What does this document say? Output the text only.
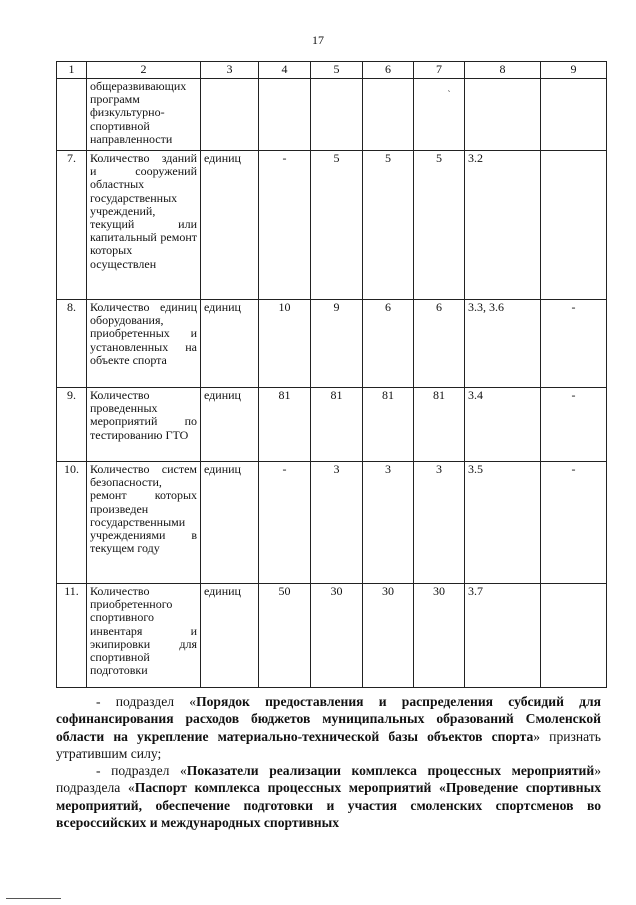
17
1	2	3	4	5	6	7	8	9
	общеразвивающих программ физкультурно-спортивной направленности					`		
7.	Количество зданий и сооружений областных государственных учреждений, текущий или капитальный ремонт которых осуществлен	единиц	-	5	5	5	3.2	
8.	Количество единиц оборудования, приобретенных и установленных на объекте спорта	единиц	10	9	6	6	3.3, 3.6	-
9.	Количество проведенных мероприятий по тестированию ГТО	единиц	81	81	81	81	3.4	-
10.	Количество систем безопасности, ремонт которых произведен государственными учреждениями в текущем году	единиц	-	3	3	3	3.5	-
11.	Количество приобретенного спортивного инвентаря и экипировки для спортивной подготовки	единиц	50	30	30	30	3.7	

- подраздел «Порядок предоставления и распределения субсидий для софинансирования расходов бюджетов муниципальных образований Смоленской области на укрепление материально-технической базы объектов спорта» признать утратившим силу;

- подраздел «Показатели реализации комплекса процессных мероприятий» подраздела «Паспорт комплекса процессных мероприятий «Проведение спортивных мероприятий, обеспечение подготовки и участия смоленских спортсменов во всероссийских и международных спортивных
